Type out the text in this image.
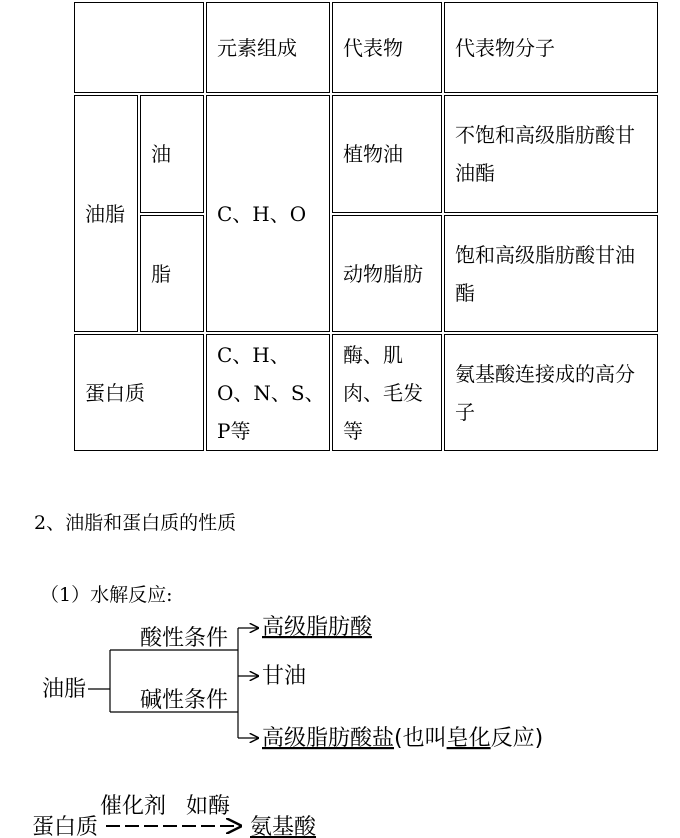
元素组成 代表物	代表物分子
油脂
油
脂
C、H、O
植物油
动物脂肪
不饱和高级脂肪酸甘油酯
饱和高级脂肪酸甘油酯
蛋白质
C、H、O、N、S、P等
酶、肌肉、毛发等
氨基酸连接成的高分子
2、油脂和蛋白质的性质
（1）水解反应:
油脂
酸性条件
碱性条件
高级脂肪酸
甘油
高级脂肪酸盐(也叫皂化反应)
催化剂 如酶
蛋白质	氨基酸
